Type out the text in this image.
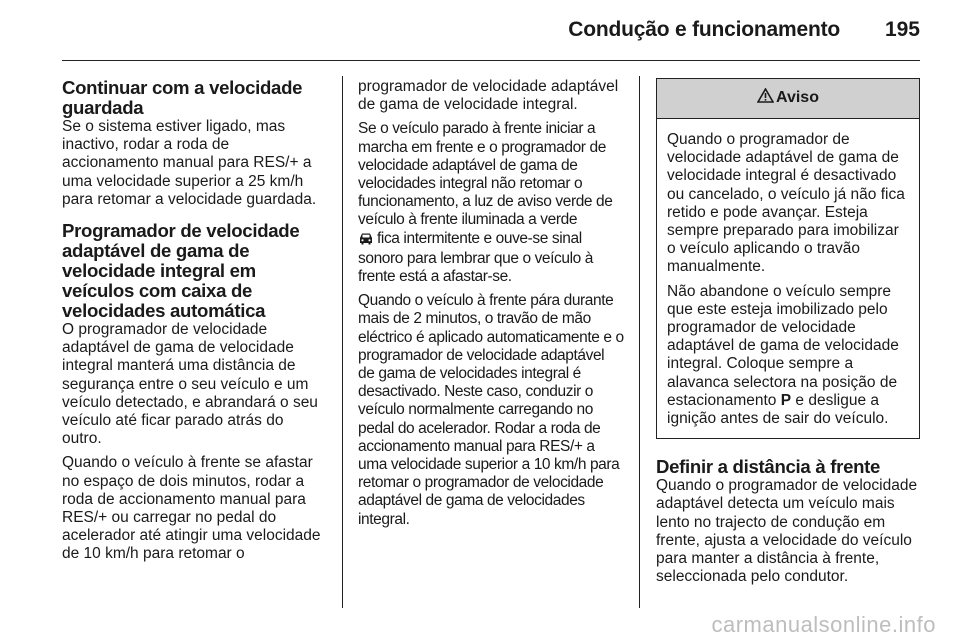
Condução e funcionamento 195
Continuar com a velocidade guardada

Se o sistema estiver ligado, mas inactivo, rodar a roda de accionamento manual para RES/+ a uma velocidade superior a 25 km/h para retomar a velocidade guardada.

Programador de velocidade adaptável de gama de velocidade integral em veículos com caixa de velocidades automática

O programador de velocidade adaptável de gama de velocidade integral manterá uma distância de segurança entre o seu veículo e um veículo detectado, e abrandará o seu veículo até ficar parado atrás do outro.

Quando o veículo à frente se afastar no espaço de dois minutos, rodar a roda de accionamento manual para RES/+ ou carregar no pedal do acelerador até atingir uma velocidade de 10 km/h para retomar o

programador de velocidade adaptável de gama de velocidade integral.

Se o veículo parado à frente iniciar a marcha em frente e o programador de velocidade adaptável de gama de velocidades integral não retomar o funcionamento, a luz de aviso verde de veículo à frente iluminada a verde
fica intermitente e ouve-se sinal sonoro para lembrar que o veículo à frente está a afastar-se.

Quando o veículo à frente pára durante mais de 2 minutos, o travão de mão eléctrico é aplicado automaticamente e o programador de velocidade adaptável de gama de velocidades integral é desactivado. Neste caso, conduzir o veículo normalmente carregando no pedal do acelerador. Rodar a roda de accionamento manual para RES/+ a uma velocidade superior a 10 km/h para retomar o programador de velocidade adaptável de gama de velocidades integral.

Aviso

Quando o programador de velocidade adaptável de gama de velocidade integral é desactivado ou cancelado, o veículo já não fica retido e pode avançar. Esteja sempre preparado para imobilizar o veículo aplicando o travão manualmente.

Não abandone o veículo sempre que este esteja imobilizado pelo programador de velocidade adaptável de gama de velocidade integral. Coloque sempre a alavanca selectora na posição de estacionamento P e desligue a ignição antes de sair do veículo.

Definir a distância à frente

Quando o programador de velocidade adaptável detecta um veículo mais lento no trajecto de condução em frente, ajusta a velocidade do veículo para manter a distância à frente, seleccionada pelo condutor.

carmanualsonline.info
